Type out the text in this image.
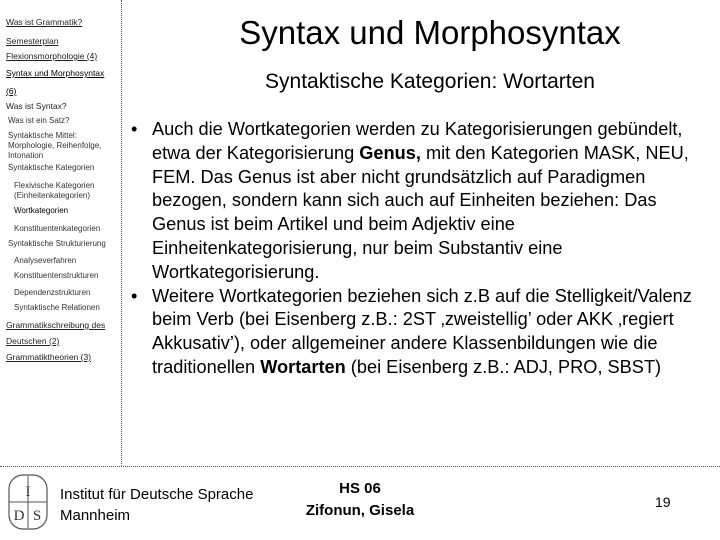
Was ist Grammatik?
Semesterplan
Flexionsmorphologie (4)
Syntax und Morphosyntax
(6)
Was ist Syntax?
Was ist ein Satz?
Syntaktische Mittel: Morphologie, Reihenfolge, Intonation
Syntaktische Kategorien
Flexivische Kategorien (Einheitenkategorien)
Wortkategorien
Konstituentenkategorien
Syntaktische Strukturierung
Analyseverfahren
Konstituentenstrukturen
Dependenzstrukturen
Syntaktische Relationen
Grammatikschreibung des
Deutschen (2)
Grammatiktheorien (3)
Syntax und Morphosyntax
Syntaktische Kategorien: Wortarten
• Auch die Wortkategorien werden zu Kategorisierungen gebündelt, etwa der Kategorisierung Genus, mit den Kategorien MASK, NEU, FEM. Das Genus ist aber nicht grundsätzlich auf Paradigmen bezogen, sondern kann sich auch auf Einheiten beziehen: Das Genus ist beim Artikel und beim Adjektiv eine Einheitenkategorisierung, nur beim Substantiv eine Wortkategorisierung.
• Weitere Wortkategorien beziehen sich z.B auf die Stelligkeit/Valenz beim Verb (bei Eisenberg z.B.: 2ST ‚zweistellig’ oder AKK ‚regiert Akkusativ’), oder allgemeiner andere Klassenbildungen wie die traditionellen Wortarten (bei Eisenberg z.B.: ADJ, PRO, SBST)
I
D S
Institut für Deutsche Sprache
Mannheim
HS 06
Zifonun, Gisela	19
